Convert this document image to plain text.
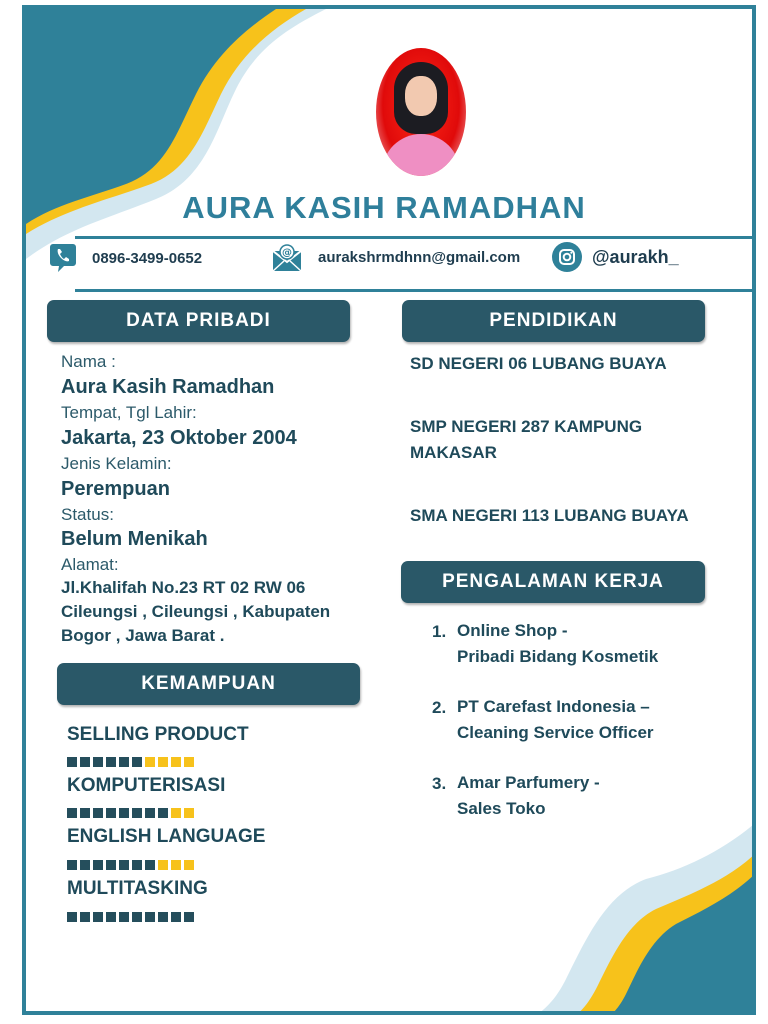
AURA KASIH RAMADHAN
0896-3499-0652	@ aurakshrmdhnn@gmail.com	@aurakh_
DATA PRIBADI	PENDIDIKAN
KEMAMPUAN
PENGALAMAN KERJA
Nama :
Aura Kasih Ramadhan
Tempat, Tgl Lahir:
Jakarta, 23 Oktober 2004
Jenis Kelamin:
Perempuan
Status:
Belum Menikah
Alamat:
Jl.Khalifah No.23 RT 02 RW 06
Cileungsi , Cileungsi , Kabupaten
Bogor , Jawa Barat .
SELLING PRODUCT
KOMPUTERISASI
ENGLISH LANGUAGE
MULTITASKING
SD NEGERI 06 LUBANG BUAYA
SMP NEGERI 287 KAMPUNG MAKASAR
SMA NEGERI 113 LUBANG BUAYA
1. Online Shop -
Pribadi Bidang Kosmetik
2. PT Carefast Indonesia –
Cleaning Service Officer
3. Amar Parfumery -
Sales Toko
